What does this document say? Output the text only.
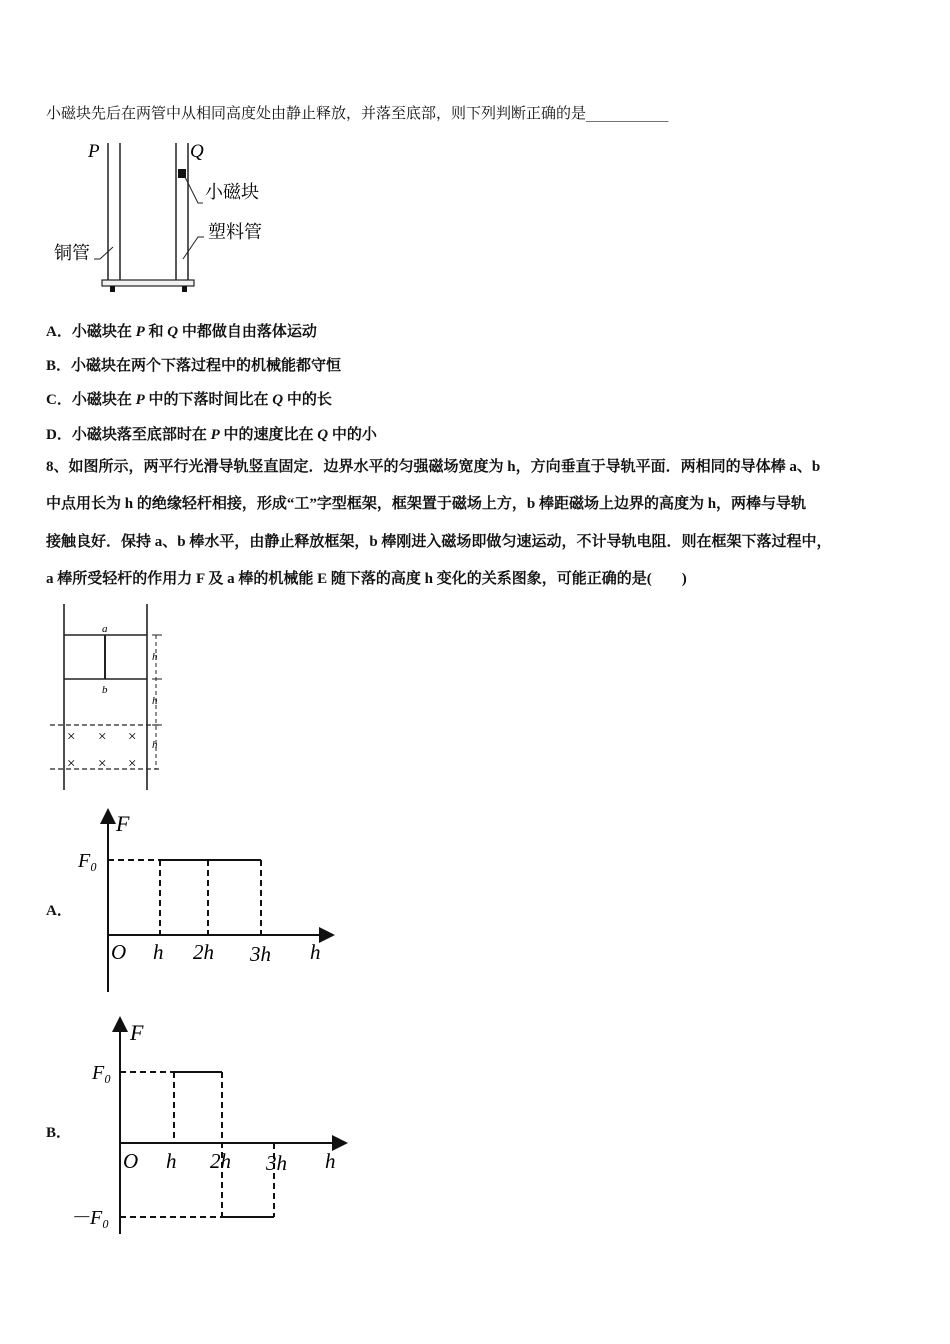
小磁块先后在两管中从相同高度处由静止释放，并落至底部，则下列判断正确的是___________
P	Q
小磁块
塑料管
铜管
A．小磁块在 P 和 Q 中都做自由落体运动
B．小磁块在两个下落过程中的机械能都守恒
C．小磁块在 P 中的下落时间比在 Q 中的长
D．小磁块落至底部时在 P 中的速度比在 Q 中的小
8、如图所示，两平行光滑导轨竖直固定．边界水平的匀强磁场宽度为 h，方向垂直于导轨平面．两相同的导体棒 a、b
中点用长为 h 的绝缘轻杆相接，形成“工”字型框架，框架置于磁场上方，b 棒距磁场上边界的高度为 h，两棒与导轨
接触良好．保持 a、b 棒水平，由静止释放框架，b 棒刚进入磁场即做匀速运动，不计导轨电阻．则在框架下落过程中，
a 棒所受轻杆的作用力 F 及 a 棒的机械能 E 随下落的高度 h 变化的关系图象，可能正确的是(　　)
a
b
h
h
h
× × ×
× × ×
A．
F
F₀
O h 2h 3h h
B．
F
F₀
－F₀
O h 2h 3h h
